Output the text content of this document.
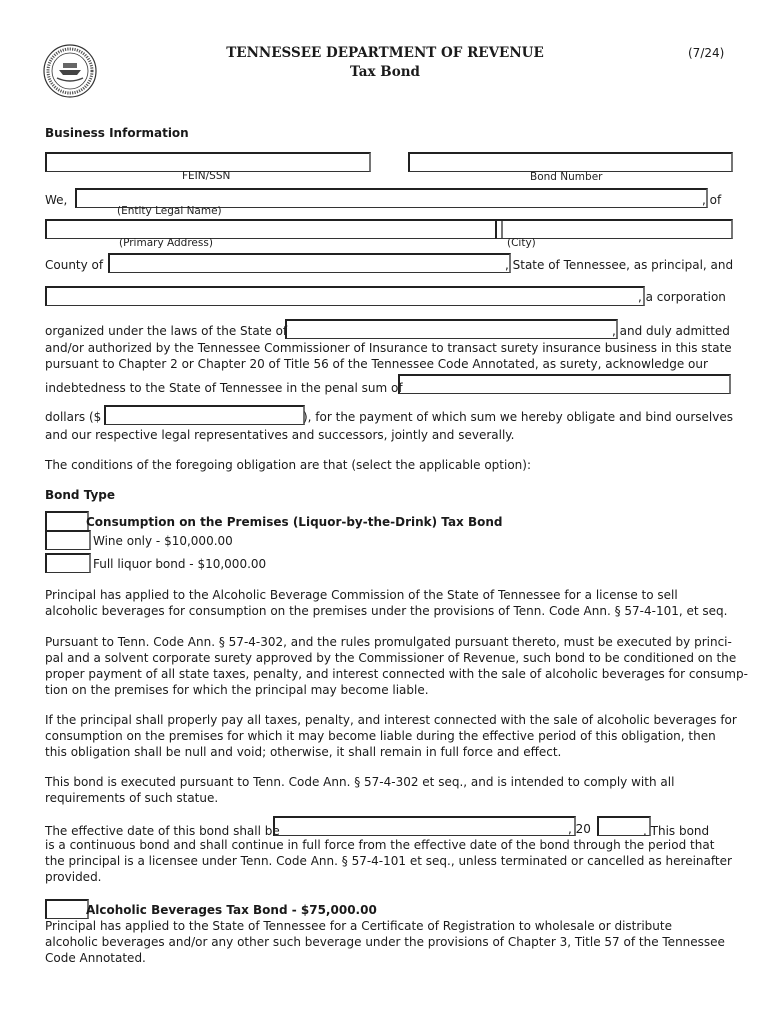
TENNESSEE DEPARTMENT OF REVENUE
Tax Bond
(7/24)
Business Information
FEIN/SSN	Bond Number
We,	, of
(Entity Legal Name)
(Primary Address)	(City)
County of	, State of Tennessee, as principal, and
, a corporation
organized under the laws of the State of	, and duly admitted
and/or authorized by the Tennessee Commissioner of Insurance to transact surety insurance business in this state
pursuant to Chapter 2 or Chapter 20 of Title 56 of the Tennessee Code Annotated, as surety, acknowledge our
indebtedness to the State of Tennessee in the penal sum of
dollars ($	), for the payment of which sum we hereby obligate and bind ourselves
and our respective legal representatives and successors, jointly and severally.
The conditions of the foregoing obligation are that (select the applicable option):
Bond Type
Consumption on the Premises (Liquor-by-the-Drink) Tax Bond
Wine only - $10,000.00
Full liquor bond - $10,000.00
Principal has applied to the Alcoholic Beverage Commission of the State of Tennessee for a license to sell
alcoholic beverages for consumption on the premises under the provisions of Tenn. Code Ann. § 57-4-101, et seq.
Pursuant to Tenn. Code Ann. § 57-4-302, and the rules promulgated pursuant thereto, must be executed by princi-
pal and a solvent corporate surety approved by the Commissioner of Revenue, such bond to be conditioned on the
proper payment of all state taxes, penalty, and interest connected with the sale of alcoholic beverages for consump-
tion on the premises for which the principal may become liable.
If the principal shall properly pay all taxes, penalty, and interest connected with the sale of alcoholic beverages for
consumption on the premises for which it may become liable during the effective period of this obligation, then
this obligation shall be null and void; otherwise, it shall remain in full force and effect.
This bond is executed pursuant to Tenn. Code Ann. § 57-4-302 et seq., and is intended to comply with all
requirements of such statue.
The effective date of this bond shall be	, 20	. This bond
is a continuous bond and shall continue in full force from the effective date of the bond through the period that
the principal is a licensee under Tenn. Code Ann. § 57-4-101 et seq., unless terminated or cancelled as hereinafter
provided.
Alcoholic Beverages Tax Bond - $75,000.00
Principal has applied to the State of Tennessee for a Certificate of Registration to wholesale or distribute
alcoholic beverages and/or any other such beverage under the provisions of Chapter 3, Title 57 of the Tennessee
Code Annotated.
